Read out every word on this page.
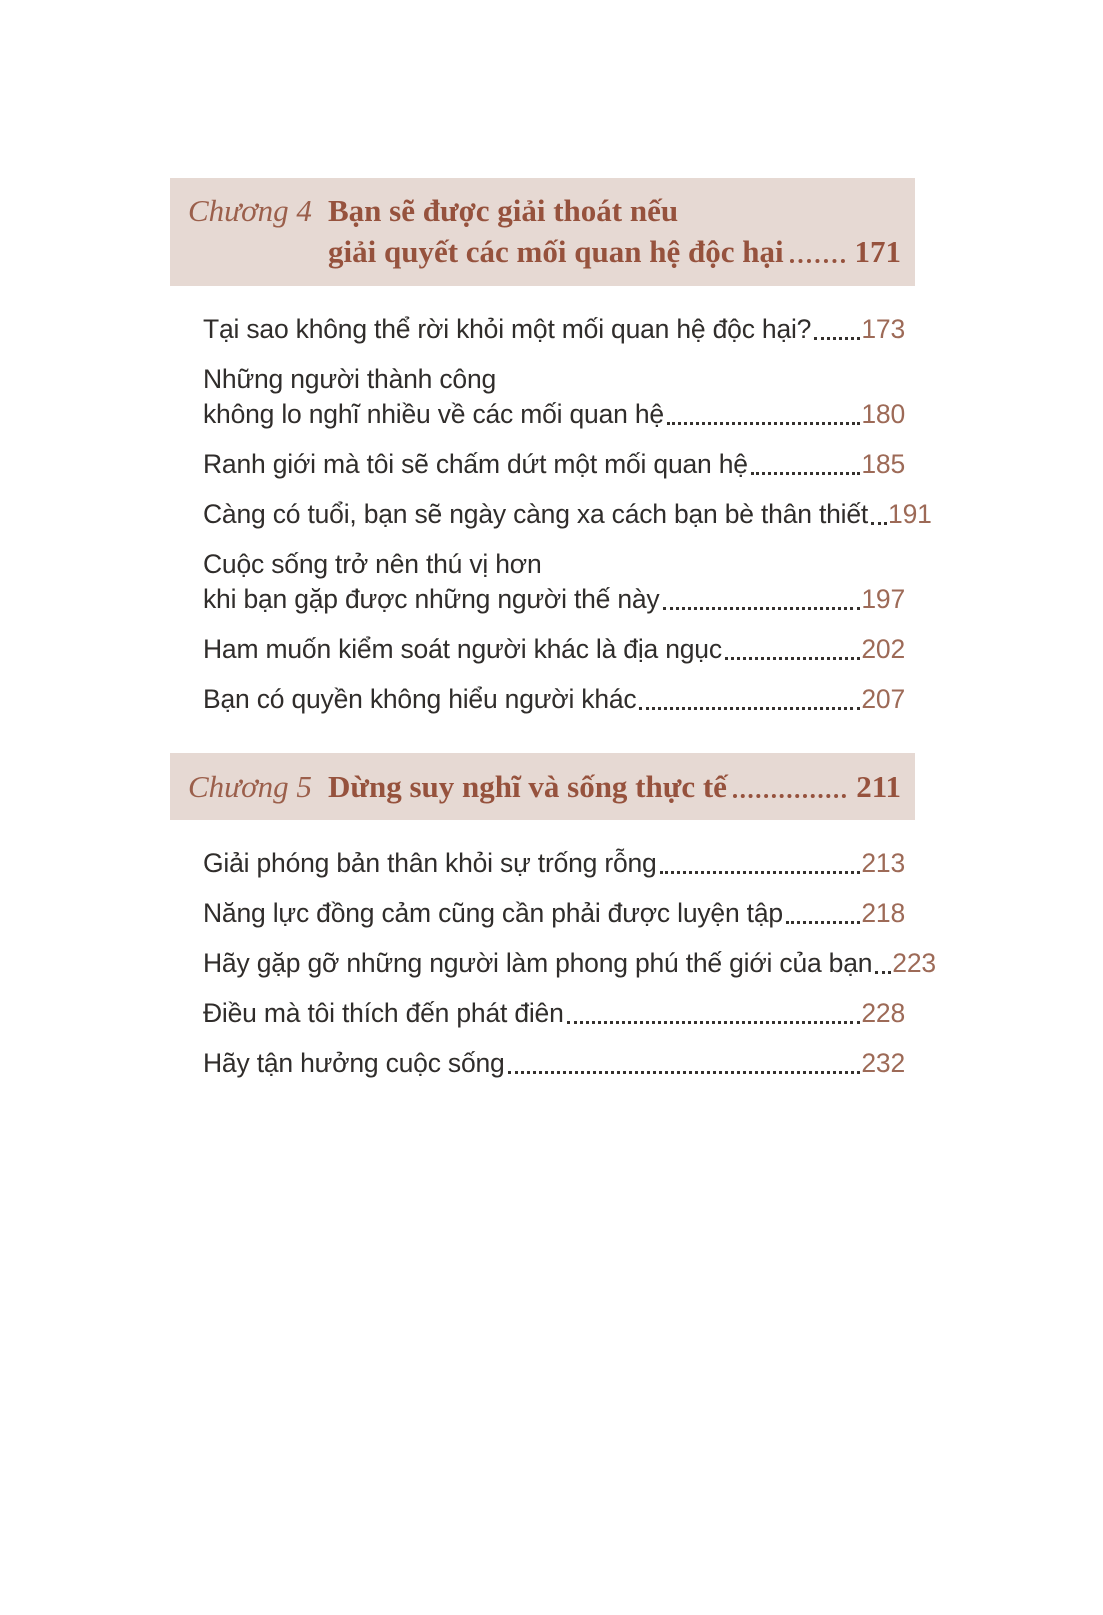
Chương 4 Bạn sẽ được giải thoát nếu
giải quyết các mối quan hệ độc hại 171
Tại sao không thể rời khỏi một mối quan hệ độc hại? 173
Những người thành công
không lo nghĩ nhiều về các mối quan hệ	180
Ranh giới mà tôi sẽ chấm dứt một mối quan hệ	185
Càng có tuổi, bạn sẽ ngày càng xa cách bạn bè thân thiết 191
Cuộc sống trở nên thú vị hơn
khi bạn gặp được những người thế này	197
Ham muốn kiểm soát người khác là địa ngục	202
Bạn có quyền không hiểu người khác	207
Chương 5 Dừng suy nghĩ và sống thực tế	211
Giải phóng bản thân khỏi sự trống rỗng	213
Năng lực đồng cảm cũng cần phải được luyện tập	218
Hãy gặp gỡ những người làm phong phú thế giới của bạn 223
Điều mà tôi thích đến phát điên	228
Hãy tận hưởng cuộc sống	232
